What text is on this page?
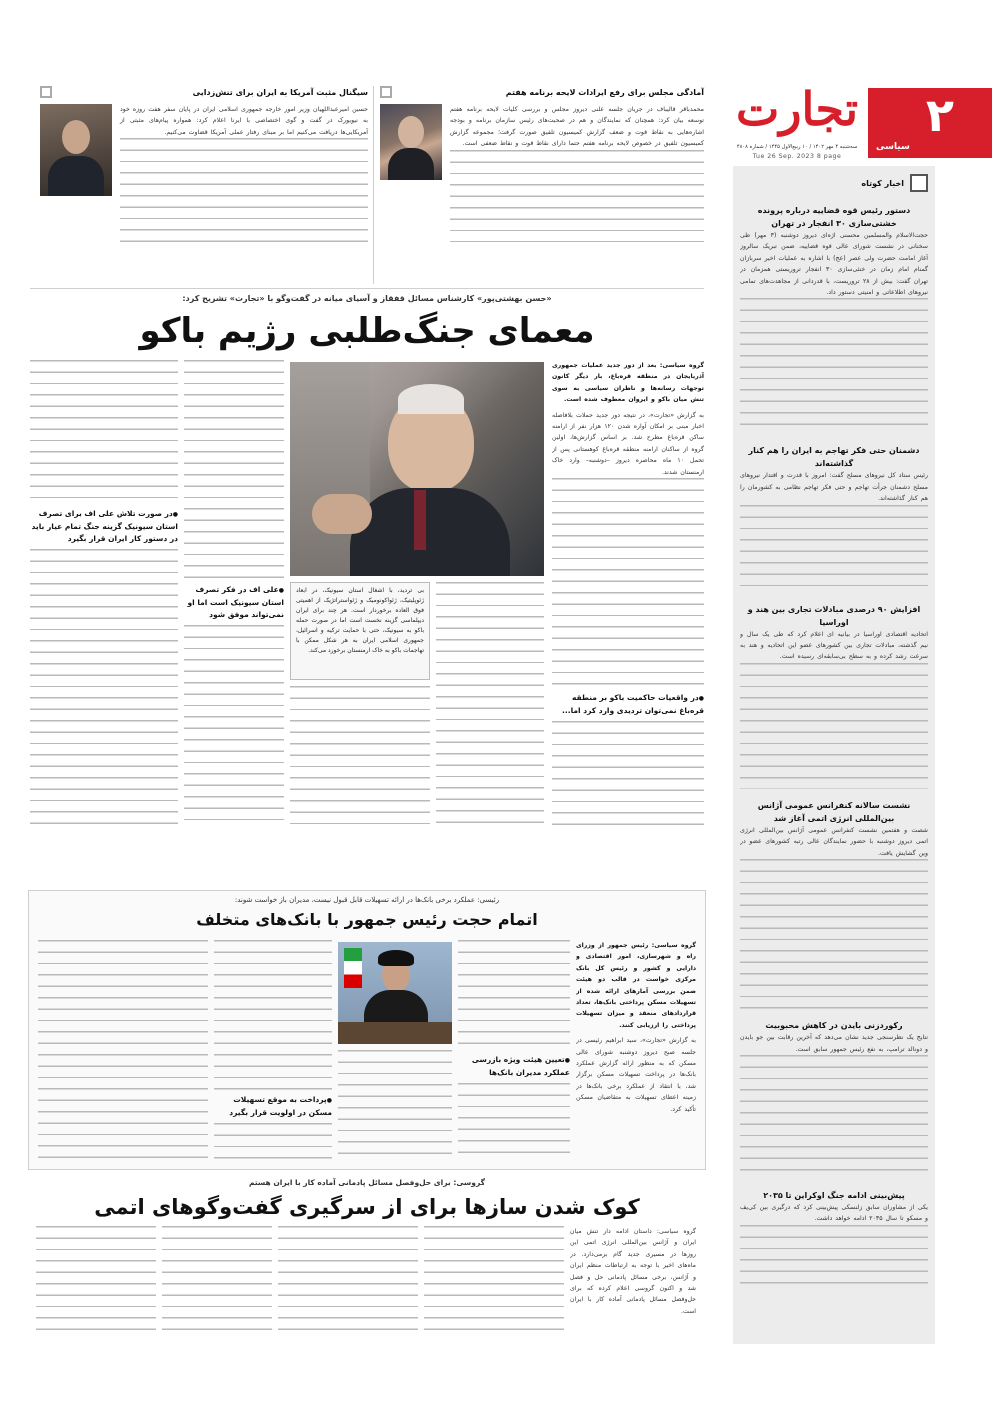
۲
سیاسی
تجارت
سه‌شنبه ۴ مهر ۱۴۰۲ / ۱۰ ربیع‌الاول ۱۴۴۵ / شماره ۴۸۰۸
Tue 26 Sep. 2023 8 page
اخبار کوتاه
دستور رئیس قوه قضاییه درباره پرونده خشتی‌سازی ۳۰ انفجار در تهران
حجت‌الاسلام والمسلمین محسنی اژه‌ای دیروز دوشنبه (۳ مهر) طی سخنانی در نشست شورای عالی قوه قضاییه، ضمن تبریک سالروز آغاز امامت حضرت ولی عصر (عج) با اشاره به عملیات اخیر سربازان گمنام امام زمان در خنثی‌سازی ۳۰ انفجار تروریستی همزمان در تهران گفت: بیش از ۲۸ تروریست، با قدردانی از مجاهدت‌های تمامی نیروهای اطلاعاتی و امنیتی دستور داد.
دشمنان حتی فکر تهاجم به ایران را هم کنار گذاشته‌اند
رئیس ستاد کل نیروهای مسلح گفت: امروز با قدرت و اقتدار نیروهای مسلح دشمنان جرأت تهاجم و حتی فکر تهاجم نظامی به کشورمان را هم کنار گذاشته‌اند.
افزایش ۹۰ درصدی مبادلات تجاری بین هند و اوراسیا
اتحادیه اقتصادی اوراسیا در بیانیه ای اعلام کرد که طی یک سال و نیم گذشته، مبادلات تجاری بین کشورهای عضو این اتحادیه و هند به سرعت رشد کرده و به سطح بی‌سابقه‌ای رسیده است.
نشست سالانه کنفرانس عمومی آژانس بین‌المللی انرژی اتمی آغاز شد
شصت و هفتمین نشست کنفرانس عمومی آژانس بین‌المللی انرژی اتمی دیروز دوشنبه با حضور نمایندگان عالی رتبه کشورهای عضو در وین گشایش یافت.
رکوردزنی بایدن در کاهش محبوبیت
نتایج یک نظرسنجی جدید نشان می‌دهد که آخرین رقابت بین جو بایدن و دونالد ترامپ، به نفع رئیس جمهور سابق است.
پیش‌بینی ادامه جنگ اوکراین تا ۲۰۳۵
یکی از مشاوران سابق زلنسکی پیش‌بینی کرد که درگیری بین کی‌یف و مسکو تا سال ۲۰۳۵ ادامه خواهد داشت.
آمادگی مجلس برای رفع ایرادات لایحه برنامه هفتم
محمدباقر قالیباف در جریان جلسه علنی دیروز مجلس و بررسی کلیات لایحه برنامه هفتم توسعه بیان کرد: همچنان که نمایندگان و هم در صحبت‌های رئیس سازمان برنامه و بودجه اشاره‌هایی به نقاط قوت و ضعف گزارش کمیسیون تلفیق صورت گرفت؛ مجموعه گزارش کمیسیون تلفیق در خصوص لایحه برنامه هفتم حتما دارای نقاط قوت و نقاط ضعفی است.
سیگنال مثبت آمریکا به ایران برای تنش‌زدایی
حسین امیرعبداللهیان وزیر امور خارجه جمهوری اسلامی ایران در پایان سفر هفت روزه خود به نیویورک در گفت و گوی اختصاصی با ایرنا اعلام کرد: همواره پیام‌های مثبتی از آمریکایی‌ها دریافت می‌کنیم اما بر مبنای رفتار عملی آمریکا قضاوت می‌کنیم.
«حسن بهشتی‌پور» کارشناس مسائل قفقاز و آسیای میانه در گفت‌وگو با «تجارت» تشریح کرد:
معمای جنگ‌طلبی رژیم باکو
گروه سیاسی: بعد از دور جدید عملیات جمهوری آذربایجان در منطقه قره‌باغ، بار دیگر کانون توجهات رسانه‌ها و ناظران سیاسی به سوی تنش میان باکو و ایروان معطوف شده است.
به گزارش «تجارت»، در نتیجه دور جدید حملات بلافاصله اخبار مبنی بر امکان آواره شدن ۱۲۰ هزار نفر از ارامنه ساکن قره‌باغ مطرح شد. بر اساس گزارش‌ها، اولین گروه از ساکنان ارامنه منطقه قره‌باغ کوهستانی پس از تحمل ۱۰ ماه محاصره دیروز –دوشنبه– وارد خاک ارمنستان شدند.
● در واقعیات حاکمیت باکو بر منطقه قره‌باغ نمی‌توان تردیدی وارد کرد اما...
بی تردید، با اشغال استان سیونیک، در ابعاد ژئوپلیتیک، ژئواکونومیک و ژئواستراتژیک از اهمیتی فوق العاده برخوردار است. هر چند برای ایران دیپلماسی گزینه نخست است اما در صورت حمله باکو به سیونیک، حتی با حمایت ترکیه و اسرائیل، جمهوری اسلامی ایران به هر شکل ممکن با تهاجمات باکو به خاک ارمنستان برخورد می‌کند.
● علی اف در فکر تصرف استان سیونیک است اما او نمی‌تواند موفق شود
● در صورت تلاش علی اف برای تصرف استان سیونیک گزینه جنگ تمام عیار باید در دستور کار ایران قرار بگیرد
رئیسی: عملکرد برخی بانک‌ها در ارائه تسهیلات قابل قبول نیست، مدیران باز خواست شوند:
اتمام حجت رئیس جمهور با بانک‌های متخلف
گروه سیاسی: رئیس جمهور از وزرای راه و شهرسازی، امور اقتصادی و دارایی و کشور و رئیس کل بانک مرکزی خواست در قالب دو هیئت ضمن بررسی آمارهای ارائه شده از تسهیلات مسکن پرداختی بانک‌ها، تعداد قراردادهای منعقد و میزان تسهیلات پرداختی را ارزیابی کنند.
به گزارش «تجارت»، سید ابراهیم رئیسی در جلسه صبح دیروز دوشنبه شورای عالی مسکن که به منظور ارائه گزارش عملکرد بانک‌ها در پرداخت تسهیلات مسکن برگزار شد، با انتقاد از عملکرد برخی بانک‌ها در زمینه اعطای تسهیلات به متقاضیان مسکن تأکید کرد.
● تعیین هیئت ویژه بازرسی عملکرد مدیران بانک‌ها
● پرداخت به موقع تسهیلات مسکن در اولویت قرار بگیرد
گروسی: برای حل‌وفصل مسائل پادمانی آماده کار با ایران هستم
کوک شدن سازها برای از سرگیری گفت‌وگوهای اتمی
گروه سیاسی: داستان ادامه دار تنش میان ایران و آژانس بین‌المللی انرژی اتمی این روزها در مسیری جدید گام برمی‌دارد. در ماه‌های اخیر با توجه به ارتباطات منظم ایران و آژانس، برخی مسائل پادمانی حل و فصل شد و اکنون گروسی اعلام کرده که برای حل‌وفصل مسائل پادمانی آماده کار با ایران است.
